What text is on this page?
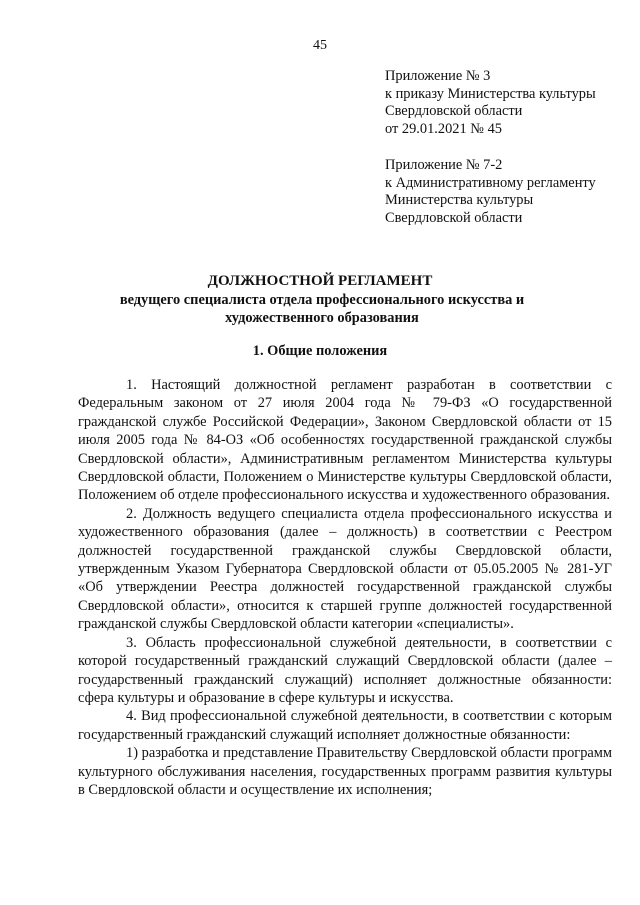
45
Приложение № 3
к приказу Министерства культуры
Свердловской области
от 29.01.2021 № 45
Приложение № 7-2
к Административному регламенту
Министерства культуры
Свердловской области
ДОЛЖНОСТНОЙ РЕГЛАМЕНТ
ведущего специалиста отдела профессионального искусства и художественного образования
1. Общие положения

1. Настоящий должностной регламент разработан в соответствии с Федеральным законом от 27 июля 2004 года № 79-ФЗ «О государственной гражданской службе Российской Федерации», Законом Свердловской области от 15 июля 2005 года № 84-ОЗ «Об особенностях государственной гражданской службы Свердловской области», Административным регламентом Министерства культуры Свердловской области, Положением о Министерстве культуры Свердловской области, Положением об отделе профессионального искусства и художественного образования.

2. Должность ведущего специалиста отдела профессионального искусства и художественного образования (далее – должность) в соответствии с Реестром должностей государственной гражданской службы Свердловской области, утвержденным Указом Губернатора Свердловской области от 05.05.2005 № 281-УГ «Об утверждении Реестра должностей государственной гражданской службы Свердловской области», относится к старшей группе должностей государственной гражданской службы Свердловской области категории «специалисты».

3. Область профессиональной служебной деятельности, в соответствии с которой государственный гражданский служащий Свердловской области (далее – государственный гражданский служащий) исполняет должностные обязанности: сфера культуры и образование в сфере культуры и искусства.

4. Вид профессиональной служебной деятельности, в соответствии с которым государственный гражданский служащий исполняет должностные обязанности:

1) разработка и представление Правительству Свердловской области программ культурного обслуживания населения, государственных программ развития культуры в Свердловской области и осуществление их исполнения;
